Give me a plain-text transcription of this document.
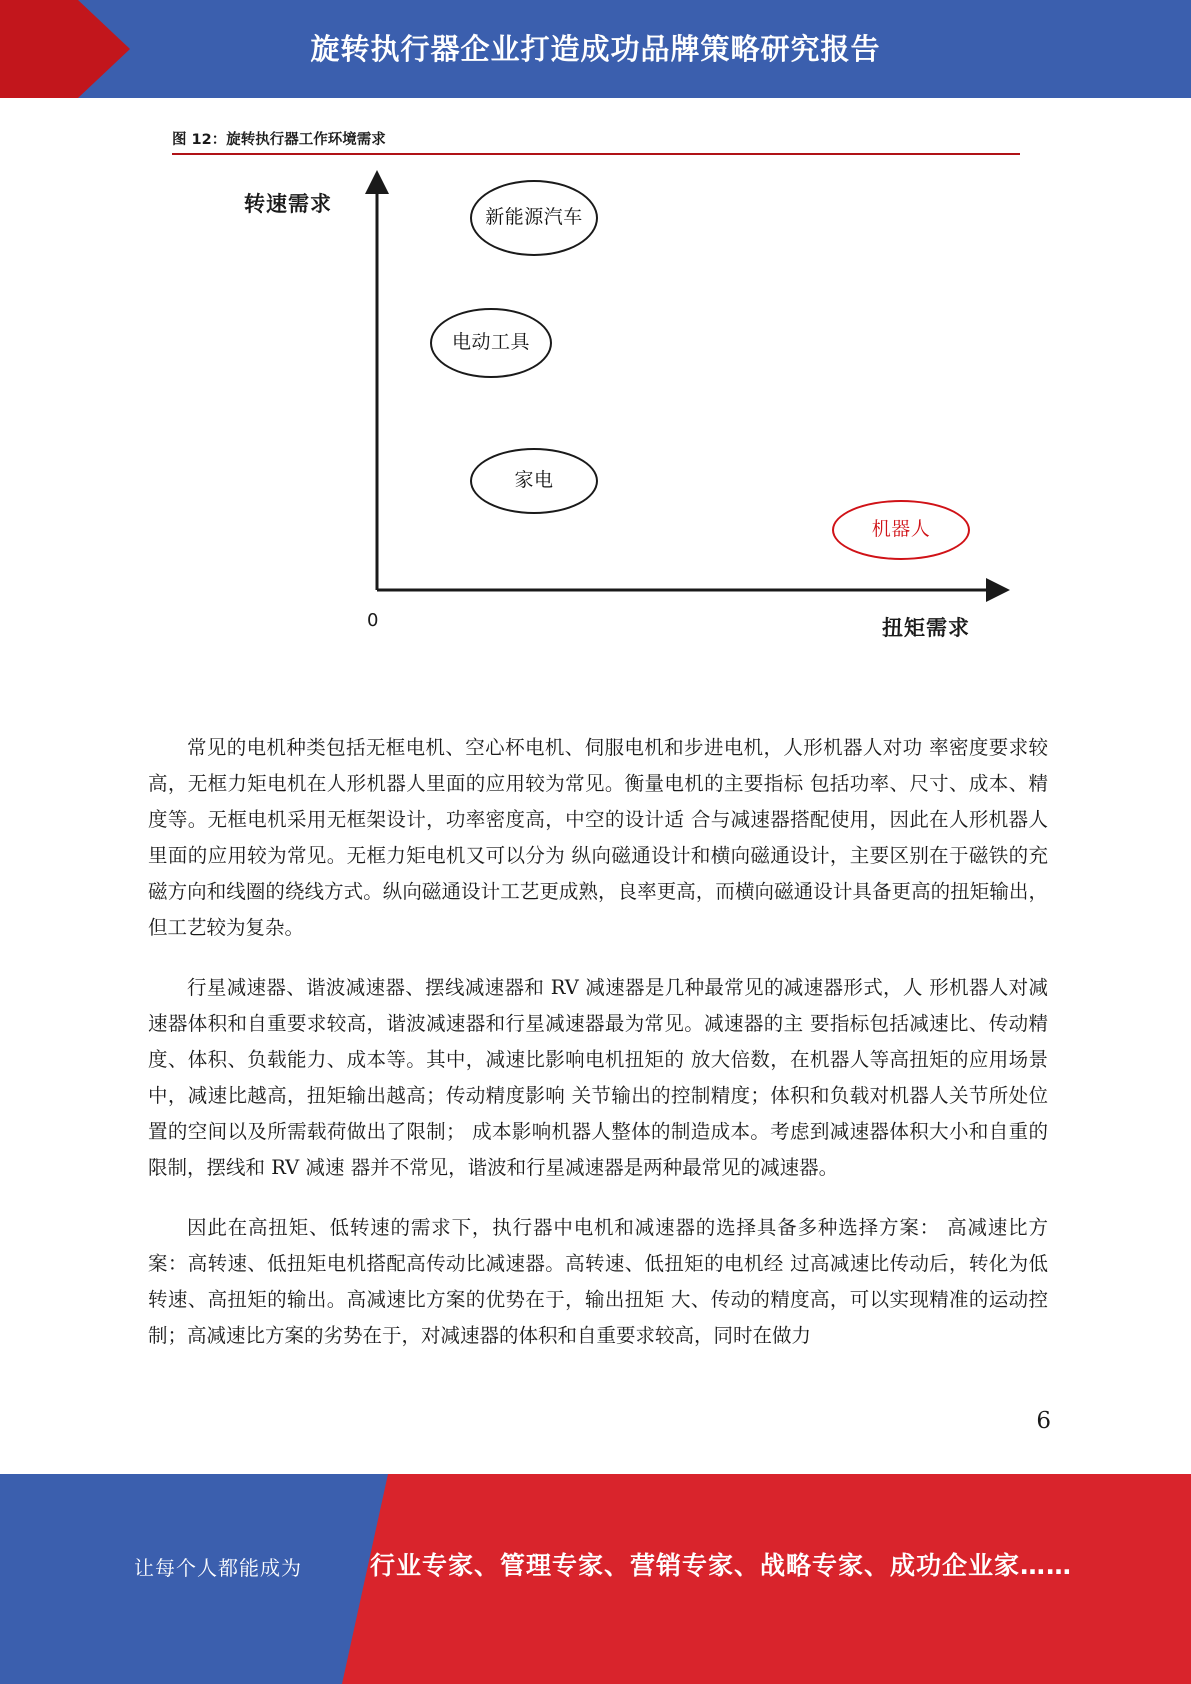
旋转执行器企业打造成功品牌策略研究报告
图 12：旋转执行器工作环境需求
转速需求
扭矩需求
0
新能源汽车
电动工具
家电
机器人

常见的电机种类包括无框电机、空心杯电机、伺服电机和步进电机，人形机器人对功 率密度要求较高，无框力矩电机在人形机器人里面的应用较为常见。衡量电机的主要指标 包括功率、尺寸、成本、精度等。无框电机采用无框架设计，功率密度高，中空的设计适 合与减速器搭配使用，因此在人形机器人里面的应用较为常见。无框力矩电机又可以分为 纵向磁通设计和横向磁通设计，主要区别在于磁铁的充磁方向和线圈的绕线方式。纵向磁通设计工艺更成熟，良率更高，而横向磁通设计具备更高的扭矩输出，但工艺较为复杂。

行星减速器、谐波减速器、摆线减速器和 RV 减速器是几种最常见的减速器形式，人 形机器人对减速器体积和自重要求较高，谐波减速器和行星减速器最为常见。减速器的主 要指标包括减速比、传动精度、体积、负载能力、成本等。其中，减速比影响电机扭矩的 放大倍数，在机器人等高扭矩的应用场景中，减速比越高，扭矩输出越高；传动精度影响 关节输出的控制精度；体积和负载对机器人关节所处位置的空间以及所需载荷做出了限制； 成本影响机器人整体的制造成本。考虑到减速器体积大小和自重的限制，摆线和 RV 减速 器并不常见，谐波和行星减速器是两种最常见的减速器。

因此在高扭矩、低转速的需求下，执行器中电机和减速器的选择具备多种选择方案： 高减速比方案：高转速、低扭矩电机搭配高传动比减速器。高转速、低扭矩的电机经 过高减速比传动后，转化为低转速、高扭矩的输出。高减速比方案的优势在于，输出扭矩 大、传动的精度高，可以实现精准的运动控制；高减速比方案的劣势在于，对减速器的体积和自重要求较高，同时在做力

6
让每个人都能成为	行业专家、管理专家、营销专家、战略专家、成功企业家……
